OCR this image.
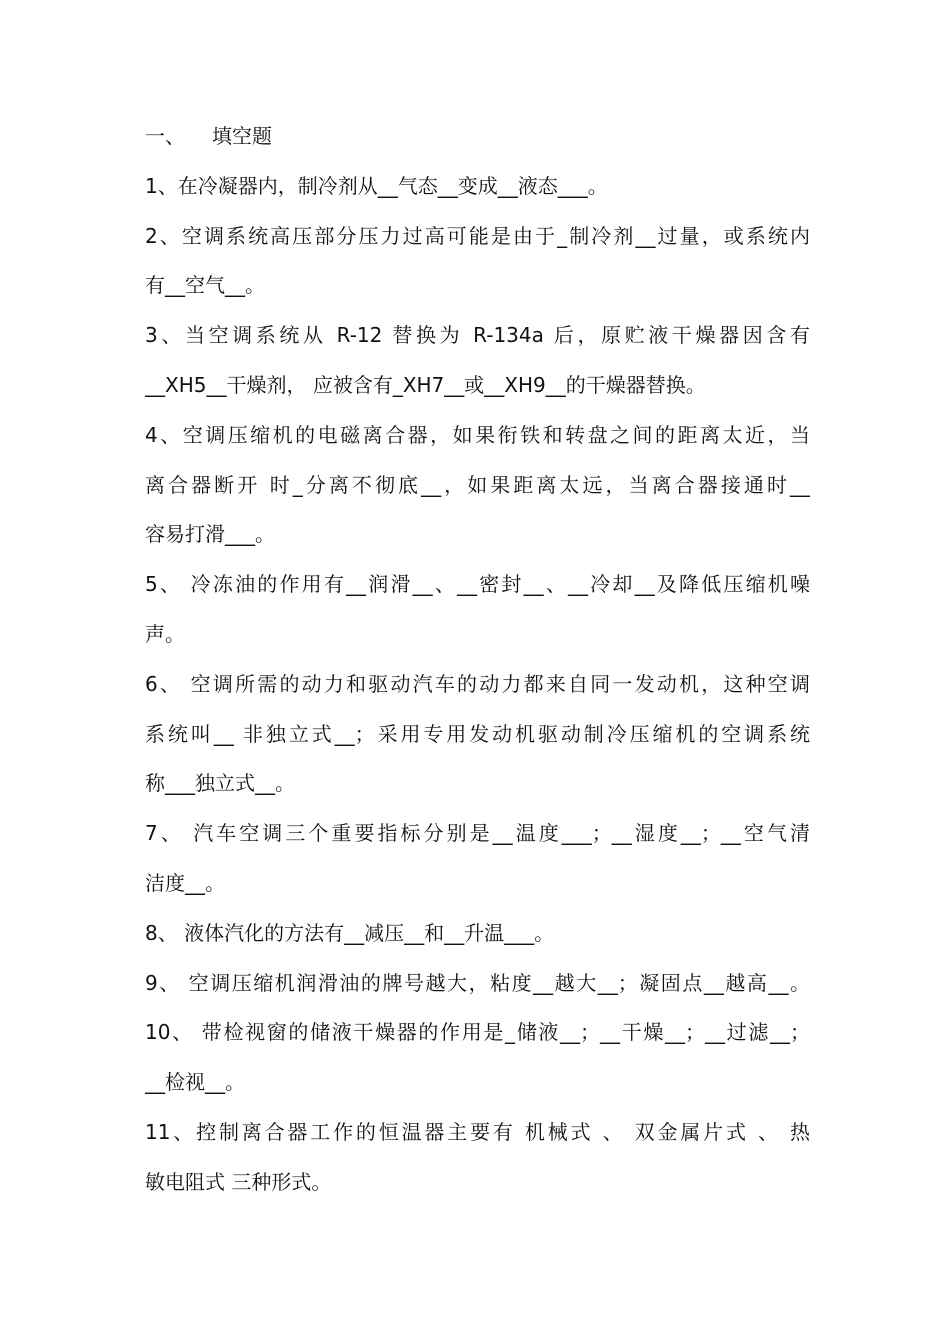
一、 填空题
1、在冷凝器内，制冷剂从__气态__变成__液态___。
2、空调系统高压部分压力过高可能是由于_制冷剂__过量，或系统内
有__空气__。
3、当空调系统从 R-12 替换为 R-134a 后，原贮液干燥器因含有
__XH5__干燥剂， 应被含有_XH7__或__XH9__的干燥器替换。
4、空调压缩机的电磁离合器，如果衔铁和转盘之间的距离太近，当
离合器断开 时_分离不彻底__，如果距离太远，当离合器接通时__
容易打滑___。
5、 冷冻油的作用有__润滑__、__密封__、__冷却__及降低压缩机噪
声。
6、 空调所需的动力和驱动汽车的动力都来自同一发动机，这种空调
系统叫__ 非独立式__；采用专用发动机驱动制冷压缩机的空调系统
称___独立式__。
7、 汽车空调三个重要指标分别是__温度___；__湿度__；__空气清
洁度__。
8、 液体汽化的方法有__减压__和__升温___。
9、 空调压缩机润滑油的牌号越大，粘度__越大__；凝固点__越高__。
10、 带检视窗的储液干燥器的作用是_储液__；__干燥__；__过滤__；
__检视__。
11、控制离合器工作的恒温器主要有 机械式 、 双金属片式 、 热
敏电阻式 三种形式。
